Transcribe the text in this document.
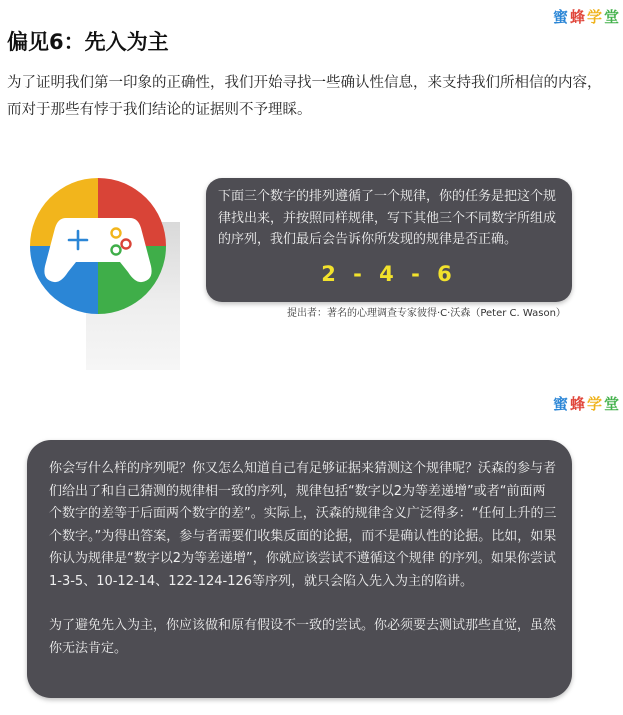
蜜蜂学堂
偏见6：先入为主
为了证明我们第一印象的正确性，我们开始寻找一些确认性信息，来支持我们所相信的内容，而对于那些有悖于我们结论的证据则不予理睬。
下面三个数字的排列遵循了一个规律，你的任务是把这个规律找出来，并按照同样规律，写下其他三个不同数字所组成的序列，我们最后会告诉你所发现的规律是否正确。
2 - 4 - 6
提出者：著名的心理调查专家彼得·C·沃森（Peter C. Wason）
蜜蜂学堂

你会写什么样的序列呢？你又怎么知道自己有足够证据来猜测这个规律呢？沃森的参与者们给出了和自己猜测的规律相一致的序列，规律包括“数字以2为等差递增”或者“前面两个数字的差等于后面两个数字的差”。实际上，沃森的规律含义广泛得多：“任何上升的三个数字。”为得出答案，参与者需要们收集反面的论据，而不是确认性的论据。比如，如果你认为规律是“数字以2为等差递增”，你就应该尝试不遵循这个规律 的序列。如果你尝试1-3-5、10-12-14、122-124-126等序列，就只会陷入先入为主的陷讲。

为了避免先入为主，你应该做和原有假设不一致的尝试。你必须要去测试那些直觉，虽然你无法肯定。
